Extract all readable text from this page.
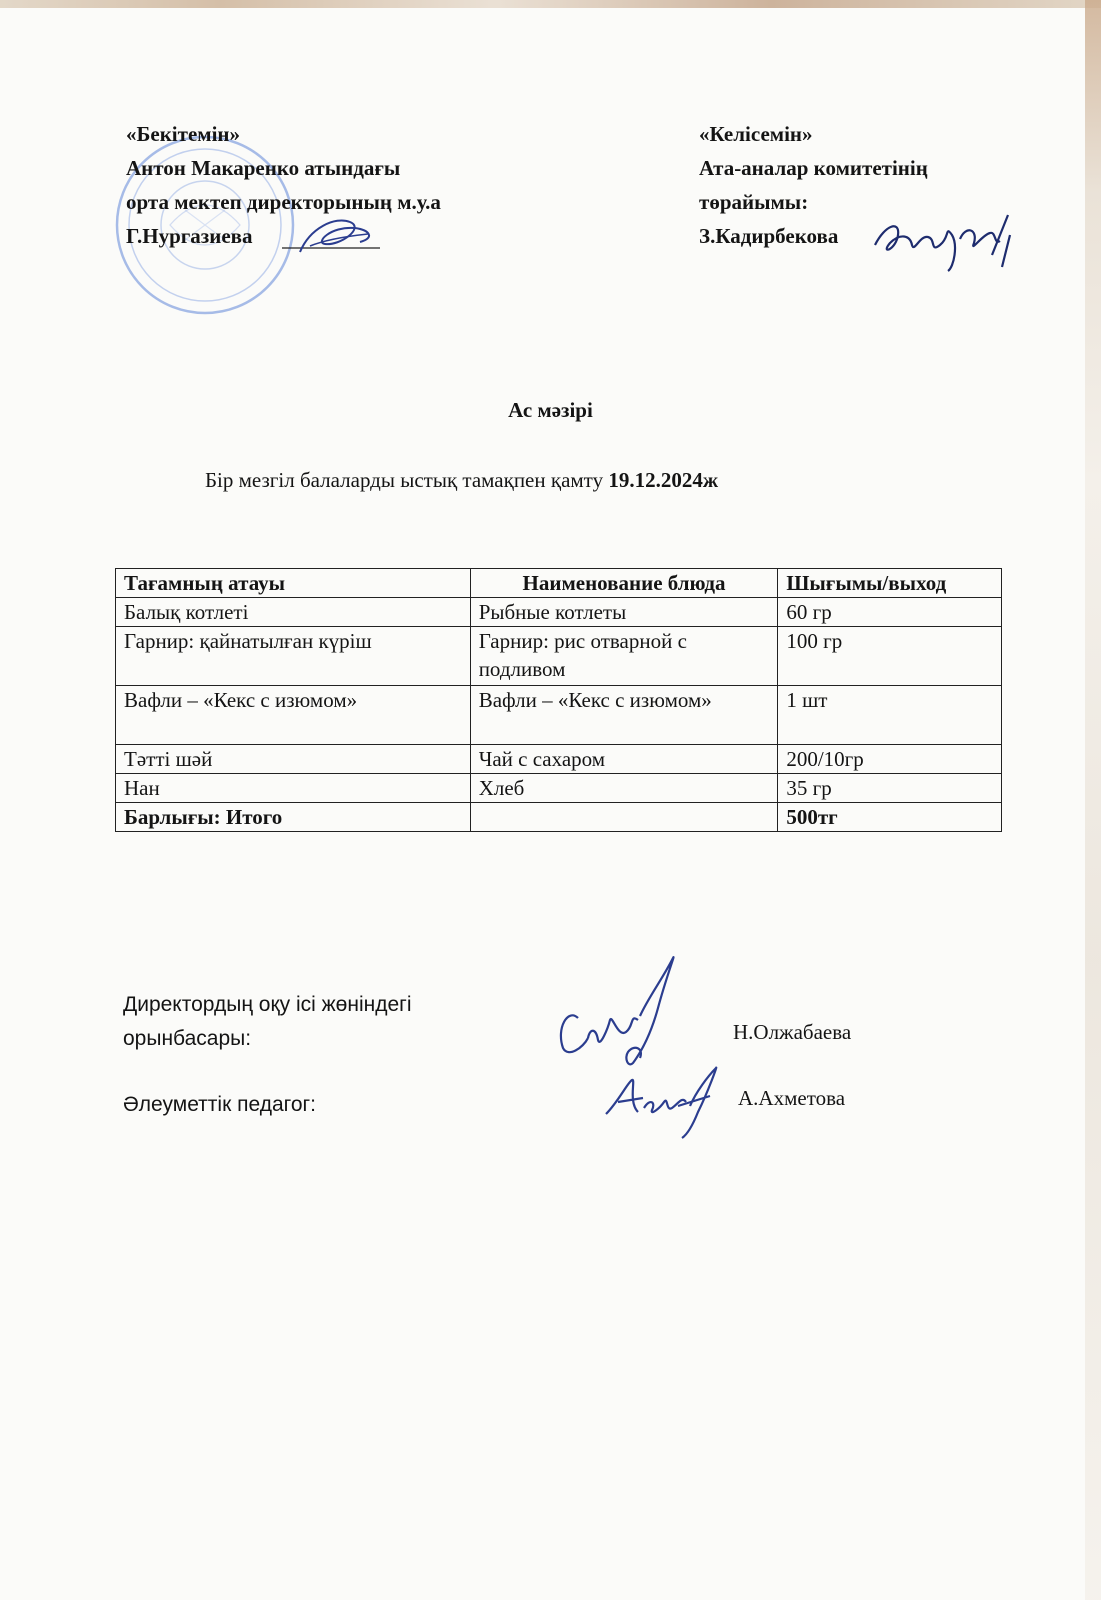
«Бекітемін»
Антон Макаренко атындағы
орта мектеп директорының м.у.а
Г.Нургазиева
«Келісемін»
Ата-аналар комитетінің
төрайымы:
З.Кадирбекова
Ас мәзірі
Бір мезгіл балаларды ыстық тамақпен қамту 19.12.2024ж
Тағамның атауы	Наименование блюда	Шығымы/выход
Балық котлеті	Рыбные котлеты	60 гр
Гарнир: қайнатылған күріш	Гарнир: рис отварной с подливом	100 гр
Вафли – «Кекс с изюмом»	Вафли – «Кекс с изюмом»	1 шт
Тәтті шәй	Чай с сахаром	200/10гр
Нан	Хлеб	35 гр
Барлығы: Итого		500тг
Директордың оқу ісі жөніндегі
орынбасары:	Н.Олжабаева
Әлеуметтік педагог:	А.Ахметова
